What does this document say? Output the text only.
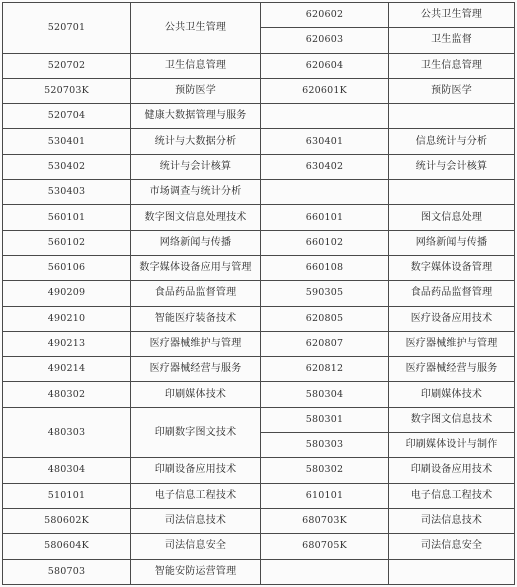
520701	公共卫生管理	620602	公共卫生管理
		620603	卫生监督
520702	卫生信息管理	620604	卫生信息管理
520703K	预防医学	620601K	预防医学
520704	健康大数据管理与服务		
530401	统计与大数据分析	630401	信息统计与分析
530402	统计与会计核算	630402	统计与会计核算
530403	市场调查与统计分析		
560101	数字图文信息处理技术	660101	图文信息处理
560102	网络新闻与传播	660102	网络新闻与传播
560106	数字媒体设备应用与管理	660108	数字媒体设备管理
490209	食品药品监督管理	590305	食品药品监督管理
490210	智能医疗装备技术	620805	医疗设备应用技术
490213	医疗器械维护与管理	620807	医疗器械维护与管理
490214	医疗器械经营与服务	620812	医疗器械经营与服务
480302	印刷媒体技术	580304	印刷媒体技术
480303	印刷数字图文技术	580301	数字图文信息技术
		580303	印刷媒体设计与制作
480304	印刷设备应用技术	580302	印刷设备应用技术
510101	电子信息工程技术	610101	电子信息工程技术
580602K	司法信息技术	680703K	司法信息技术
580604K	司法信息安全	680705K	司法信息安全
580703	智能安防运营管理		
